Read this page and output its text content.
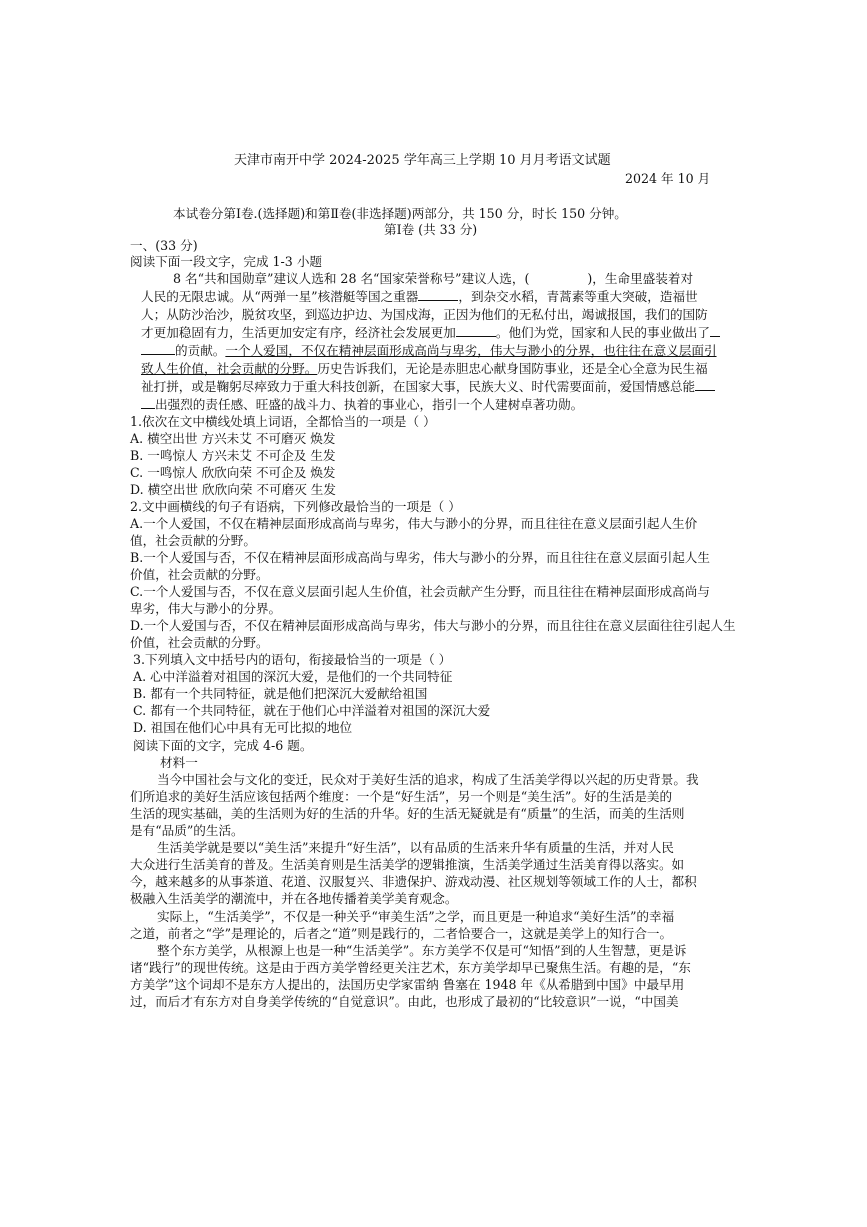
天津市南开中学 2024-2025 学年高三上学期 10 月月考语文试题
2024 年 10 月
本试卷分第Ⅰ卷.(选择题)和第Ⅱ卷(非选择题)两部分，共 150 分，时长 150 分钟。
第Ⅰ卷 (共 33 分)
一、(33 分)
阅读下面一段文字，完成 1-3 小题
8 名“共和国勋章”建议人选和 28 名“国家荣誉称号”建议人选，(	)，生命里盛装着对
人民的无限忠诚。从“两弹一星”核潜艇等国之重器	，到杂交水稻，青蒿素等重大突破，造福世
人；从防沙治沙，脱贫攻坚，到巡边护边、为国戍海，正因为他们的无私付出，竭诚报国，我们的国防
才更加稳固有力，生活更加安定有序，经济社会发展更加	。他们为党，国家和人民的事业做出了
的贡献。一个人爱国，不仅在精神层面形成高尚与卑劣，伟大与渺小的分界，也往往在意义层面引
致人生价值，社会贡献的分野。历史告诉我们，无论是赤胆忠心献身国防事业，还是全心全意为民生福
祉打拼，或是鞠躬尽瘁致力于重大科技创新，在国家大事，民族大义、时代需要面前，爱国情感总能
出强烈的责任感、旺盛的战斗力、执着的事业心，指引一个人建树卓著功勋。
1.依次在文中横线处填上词语，全都恰当的一项是（ ）
A. 横空出世 方兴未艾 不可磨灭 焕发
B. 一鸣惊人 方兴未艾 不可企及 生发
C. 一鸣惊人 欣欣向荣 不可企及 焕发
D. 横空出世 欣欣向荣 不可磨灭 生发
2.文中画横线的句子有语病，下列修改最恰当的一项是（ ）
A.一个人爱国，不仅在精神层面形成高尚与卑劣，伟大与渺小的分界，而且往往在意义层面引起人生价
值，社会贡献的分野。
B.一个人爱国与否，不仅在精神层面形成高尚与卑劣，伟大与渺小的分界，而且往往在意义层面引起人生
价值，社会贡献的分野。
C.一个人爱国与否，不仅在意义层面引起人生价值，社会贡献产生分野，而且往往在精神层面形成高尚与
卑劣，伟大与渺小的分界。
D.一个人爱国与否，不仅在精神层面形成高尚与卑劣，伟大与渺小的分界，而且往往在意义层面往往引起人生
价值，社会贡献的分野。
3.下列填入文中括号内的语句，衔接最恰当的一项是（ ）
A. 心中洋溢着对祖国的深沉大爱，是他们的一个共同特征
B. 都有一个共同特征，就是他们把深沉大爱献给祖国
C. 都有一个共同特征，就在于他们心中洋溢着对祖国的深沉大爱
D. 祖国在他们心中具有无可比拟的地位
阅读下面的文字，完成 4-6 题。
材料一
当今中国社会与文化的变迁，民众对于美好生活的追求，构成了生活美学得以兴起的历史背景。我
们所追求的美好生活应该包括两个维度：一个是“好生活”，另一个则是“美生活”。好的生活是美的
生活的现实基础，美的生活则为好的生活的升华。好的生活无疑就是有“质量”的生活，而美的生活则
是有“品质”的生活。
生活美学就是要以“美生活”来提升“好生活”，以有品质的生活来升华有质量的生活，并对人民
大众进行生活美育的普及。生活美育则是生活美学的逻辑推演，生活美学通过生活美育得以落实。如
今，越来越多的从事茶道、花道、汉服复兴、非遗保护、游戏动漫、社区规划等领域工作的人士，都积
极融入生活美学的潮流中，并在各地传播着美学美育观念。
实际上，“生活美学”，不仅是一种关乎“审美生活”之学，而且更是一种追求“美好生活”的幸福
之道，前者之“学”是理论的，后者之“道”则是践行的，二者恰要合一，这就是美学上的知行合一。
整个东方美学，从根源上也是一种“生活美学”。东方美学不仅是可“知悟”到的人生智慧，更是诉
诸“践行”的现世传统。这是由于西方美学曾经更关注艺术，东方美学却早已聚焦生活。有趣的是，“东
方美学”这个词却不是东方人提出的，法国历史学家雷纳 鲁塞在 1948 年《从希腊到中国》中最早用
过，而后才有东方对自身美学传统的“自觉意识”。由此，也形成了最初的“比较意识”一说，“中国美
